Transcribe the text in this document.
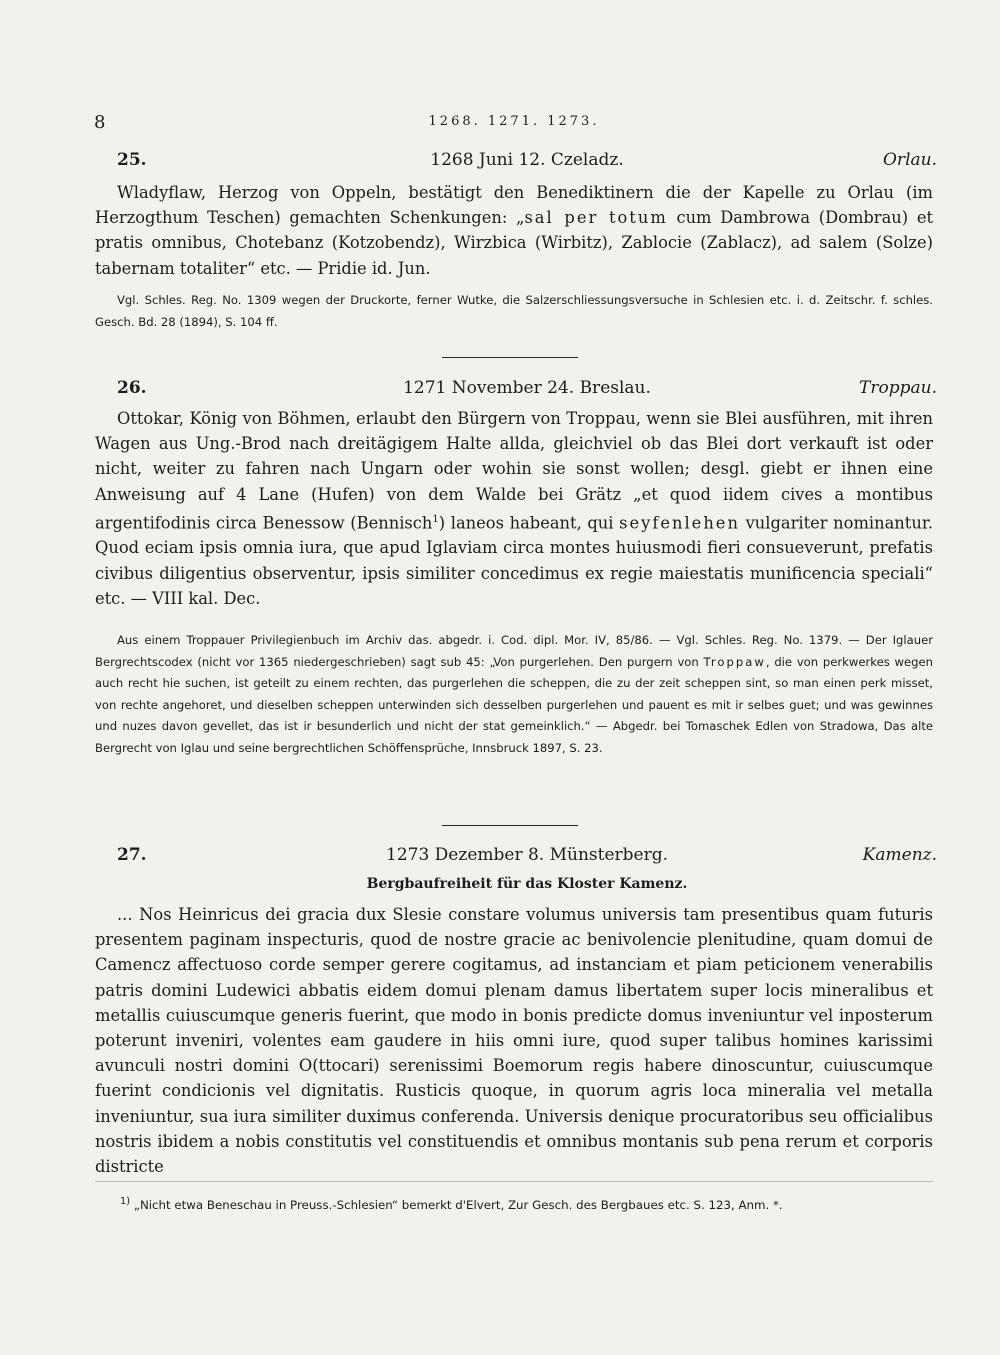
8	1268. 1271. 1273.
25.	1268 Juni 12. Czeladz.	Orlau.
Wladyflaw, Herzog von Oppeln, bestätigt den Benediktinern die der Kapelle zu Orlau (im Herzogthum Teschen) gemachten Schenkungen: „sal per totum cum Dambrowa (Dombrau) et pratis omnibus, Chotebanz (Kotzobendz), Wirzbica (Wirbitz), Zablocie (Zablacz), ad salem (Solze) tabernam totaliter“ etc. — Pridie id. Jun.
Vgl. Schles. Reg. No. 1309 wegen der Druckorte, ferner Wutke, die Salzerschliessungsversuche in Schlesien etc. i. d. Zeitschr. f. schles. Gesch. Bd. 28 (1894), S. 104 ff.
26.	1271 November 24. Breslau.	Troppau.
Ottokar, König von Böhmen, erlaubt den Bürgern von Troppau, wenn sie Blei ausführen, mit ihren Wagen aus Ung.-Brod nach dreitägigem Halte allda, gleichviel ob das Blei dort verkauft ist oder nicht, weiter zu fahren nach Ungarn oder wohin sie sonst wollen; desgl. giebt er ihnen eine Anweisung auf 4 Lane (Hufen) von dem Walde bei Grätz „et quod iidem cives a montibus argentifodinis circa Benessow (Bennisch$^1$) laneos habeant, qui seyfenlehen vulgariter nominantur. Quod eciam ipsis omnia iura, que apud Iglaviam circa montes huiusmodi fieri consueverunt, prefatis civibus diligentius observentur, ipsis similiter concedimus ex regie maiestatis munificencia speciali“ etc. — VIII kal. Dec.
Aus einem Troppauer Privilegienbuch im Archiv das. abgedr. i. Cod. dipl. Mor. IV, 85/86. — Vgl. Schles. Reg. No. 1379. — Der Iglauer Bergrechtscodex (nicht vor 1365 niedergeschrieben) sagt sub 45: „Von purgerlehen. Den purgern von Troppaw, die von perkwerkes wegen auch recht hie suchen, ist geteilt zu einem rechten, das purgerlehen die scheppen, die zu der zeit scheppen sint, so man einen perk misset, von rechte angehoret, und dieselben scheppen unterwinden sich desselben purgerlehen und pauent es mit ir selbes guet; und was gewinnes und nuzes davon gevellet, das ist ir besunderlich und nicht der stat gemeinklich.“ — Abgedr. bei Tomaschek Edlen von Stradowa, Das alte Bergrecht von Iglau und seine bergrechtlichen Schöffensprüche, Innsbruck 1897, S. 23.
27.	1273 Dezember 8. Münsterberg.	Kamenz.
Bergbaufreiheit für das Kloster Kamenz.
... Nos Heinricus dei gracia dux Slesie constare volumus universis tam presentibus quam futuris presentem paginam inspecturis, quod de nostre gracie ac benivolencie plenitudine, quam domui de Camencz affectuoso corde semper gerere cogitamus, ad instanciam et piam peticionem venerabilis patris domini Ludewici abbatis eidem domui plenam damus libertatem super locis mineralibus et metallis cuiuscumque generis fuerint, que modo in bonis predicte domus inveniuntur vel inposterum poterunt inveniri, volentes eam gaudere in hiis omni iure, quod super talibus homines karissimi avunculi nostri domini O(ttocari) serenissimi Boemorum regis habere dinoscuntur, cuiuscumque fuerint condicionis vel dignitatis. Rusticis quoque, in quorum agris loca mineralia vel metalla inveniuntur, sua iura similiter duximus conferenda. Universis denique procuratoribus seu officialibus nostris ibidem a nobis constitutis vel constituendis et omnibus montanis sub pena rerum et corporis districte
$^{1)}$ „Nicht etwa Beneschau in Preuss.-Schlesien“ bemerkt d'Elvert, Zur Gesch. des Bergbaues etc. S. 123, Anm. *.
